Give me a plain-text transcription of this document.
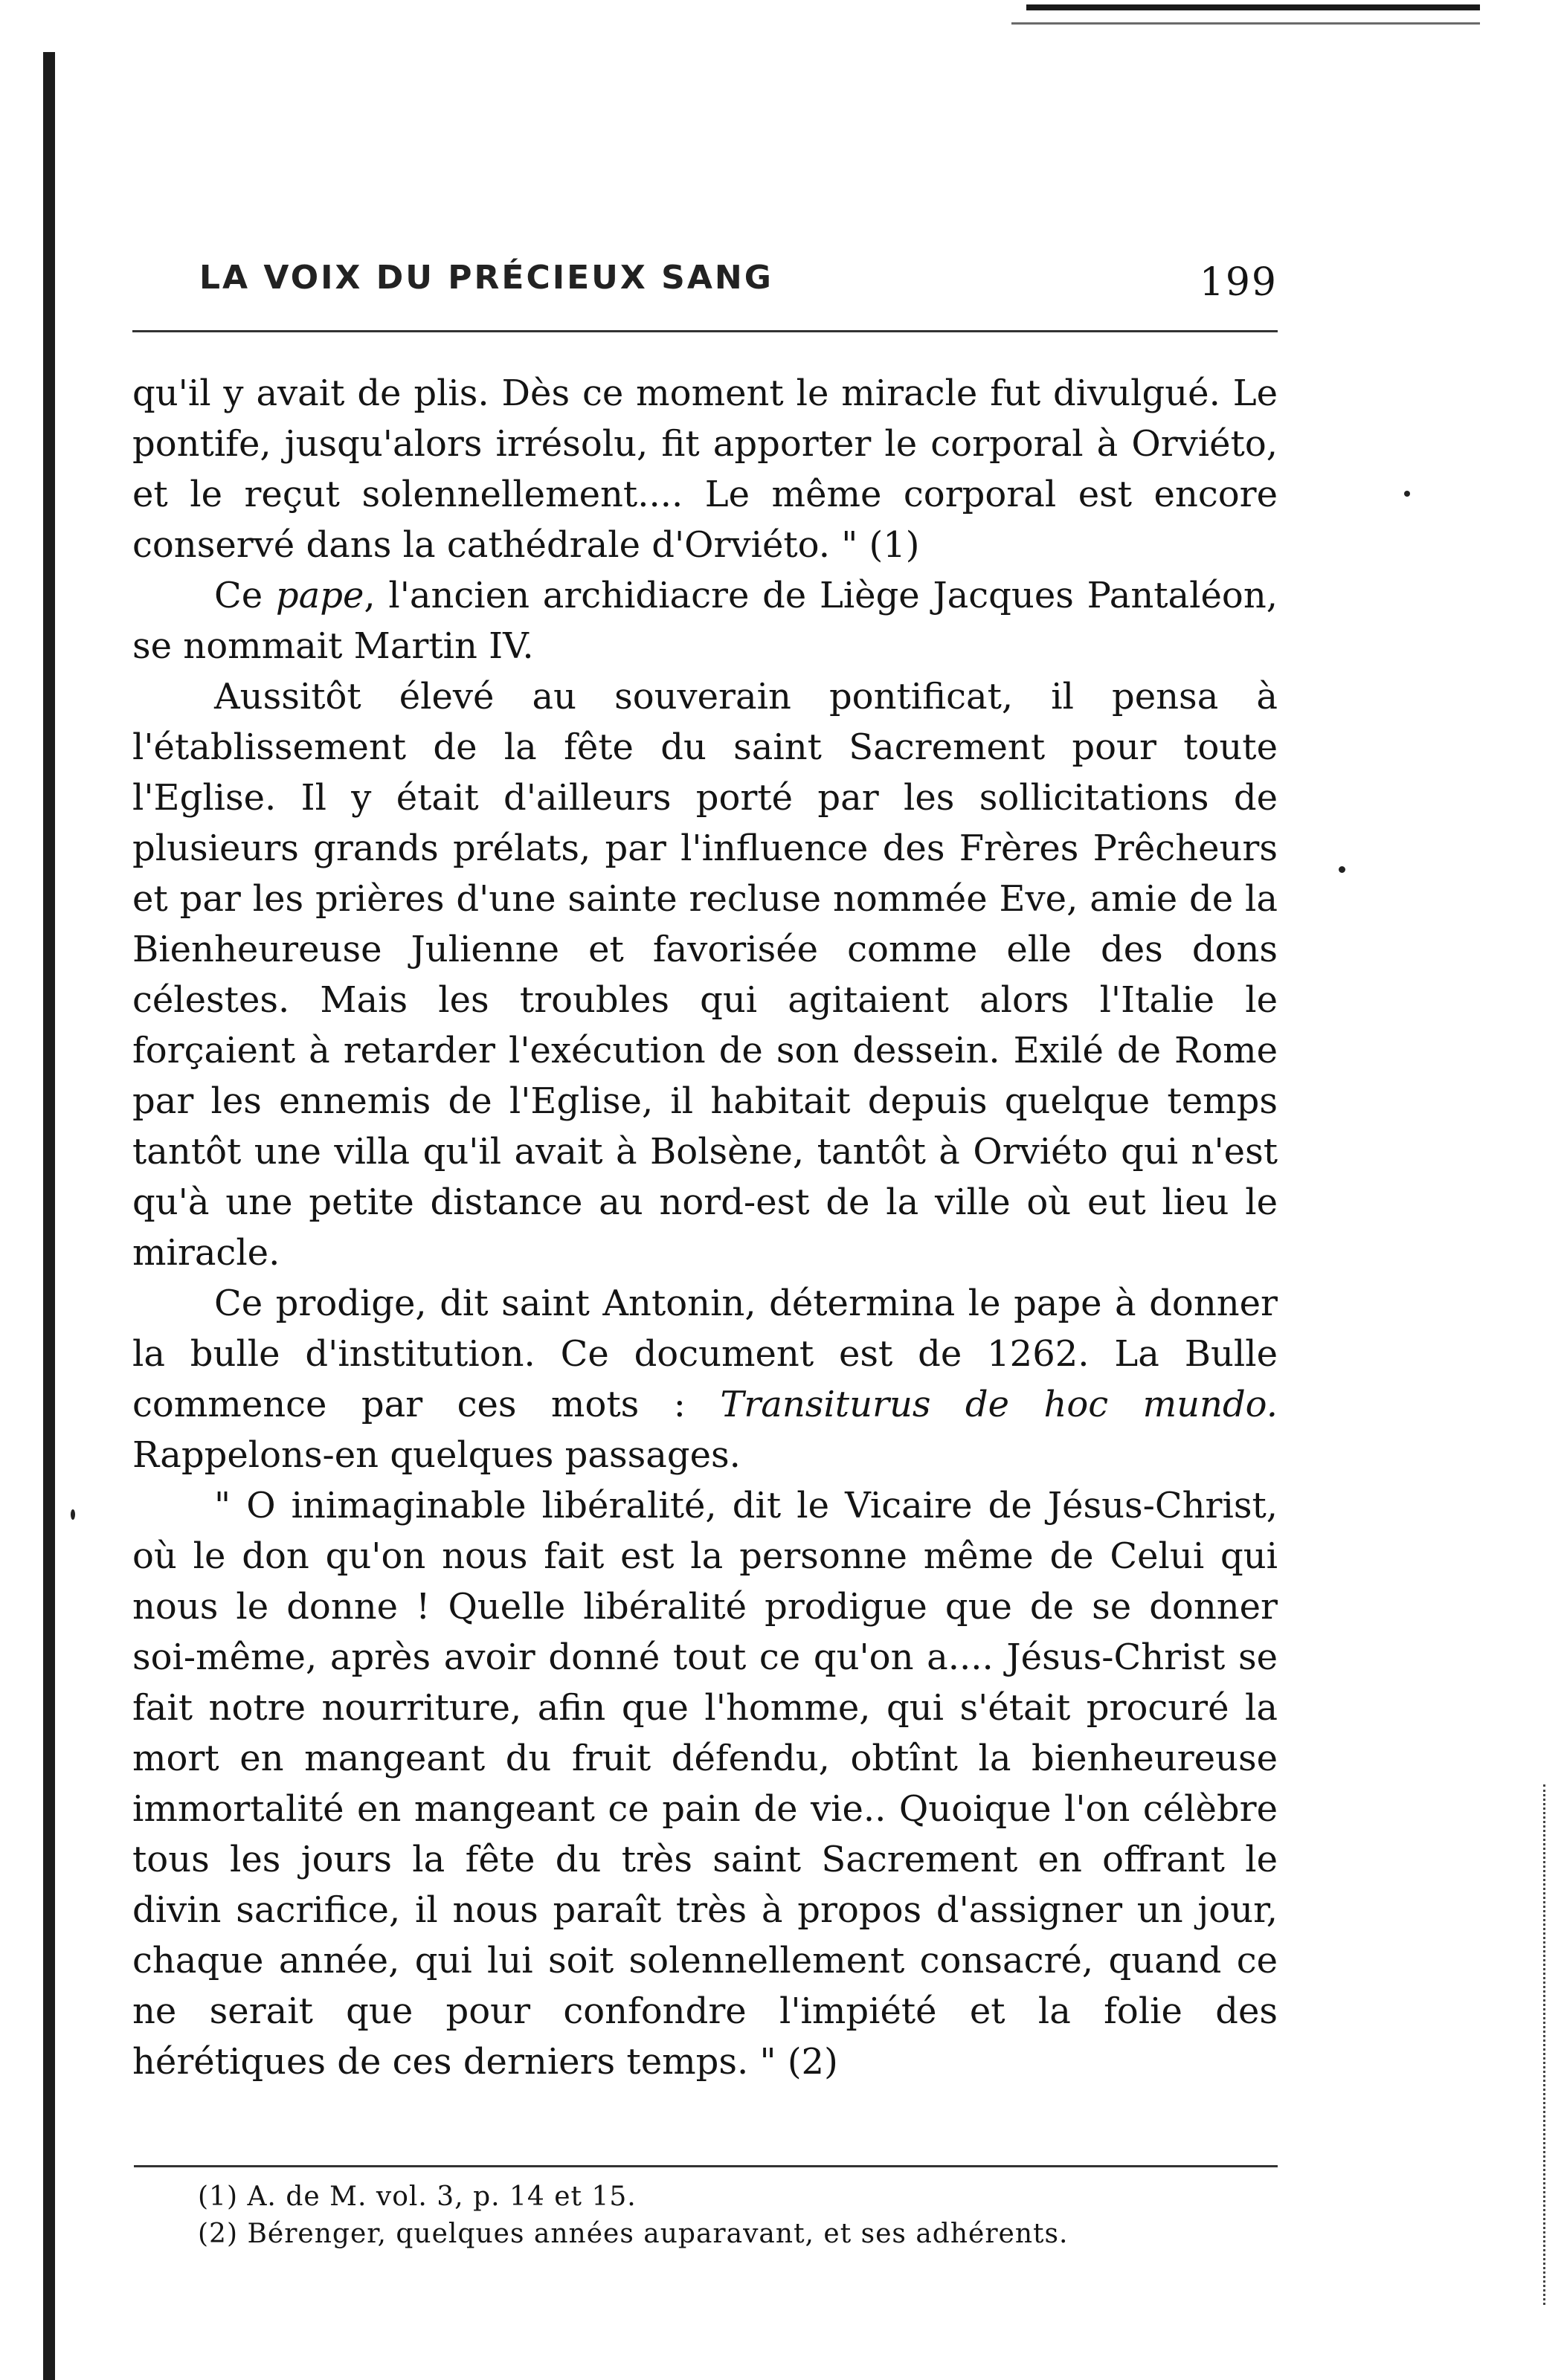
LA VOIX DU PRÉCIEUX SANG	199

qu'il y avait de plis. Dès ce moment le miracle fut divulgué. Le pontife, jusqu'alors irrésolu, fit apporter le corporal à Orviéto, et le reçut solennellement.... Le même corporal est encore conservé dans la cathédrale d'Orviéto. " (1)

Ce pape, l'ancien archidiacre de Liège Jacques Pantaléon, se nommait Martin IV.

Aussitôt élevé au souverain pontificat, il pensa à l'établissement de la fête du saint Sacrement pour toute l'Eglise. Il y était d'ailleurs porté par les sollicitations de plusieurs grands prélats, par l'influence des Frères Prêcheurs et par les prières d'une sainte recluse nommée Eve, amie de la Bienheureuse Julienne et favorisée comme elle des dons célestes. Mais les troubles qui agitaient alors l'Italie le forçaient à retarder l'exécution de son dessein. Exilé de Rome par les ennemis de l'Eglise, il habitait depuis quelque temps tantôt une villa qu'il avait à Bolsène, tantôt à Orviéto qui n'est qu'à une petite distance au nord-est de la ville où eut lieu le miracle.

Ce prodige, dit saint Antonin, détermina le pape à donner la bulle d'institution. Ce document est de 1262. La Bulle commence par ces mots : Transiturus de hoc mundo. Rappelons-en quelques passages.

" O inimaginable libéralité, dit le Vicaire de Jésus-Christ, où le don qu'on nous fait est la personne même de Celui qui nous le donne ! Quelle libéralité prodigue que de se donner soi-même, après avoir donné tout ce qu'on a.... Jésus-Christ se fait notre nourriture, afin que l'homme, qui s'était procuré la mort en mangeant du fruit défendu, obtînt la bienheureuse immortalité en mangeant ce pain de vie.. Quoique l'on célèbre tous les jours la fête du très saint Sacrement en offrant le divin sacrifice, il nous paraît très à propos d'assigner un jour, chaque année, qui lui soit solennellement consacré, quand ce ne serait que pour confondre l'impiété et la folie des hérétiques de ces derniers temps. " (2)

(1) A. de M. vol. 3, p. 14 et 15.
(2) Bérenger, quelques années auparavant, et ses adhérents.
